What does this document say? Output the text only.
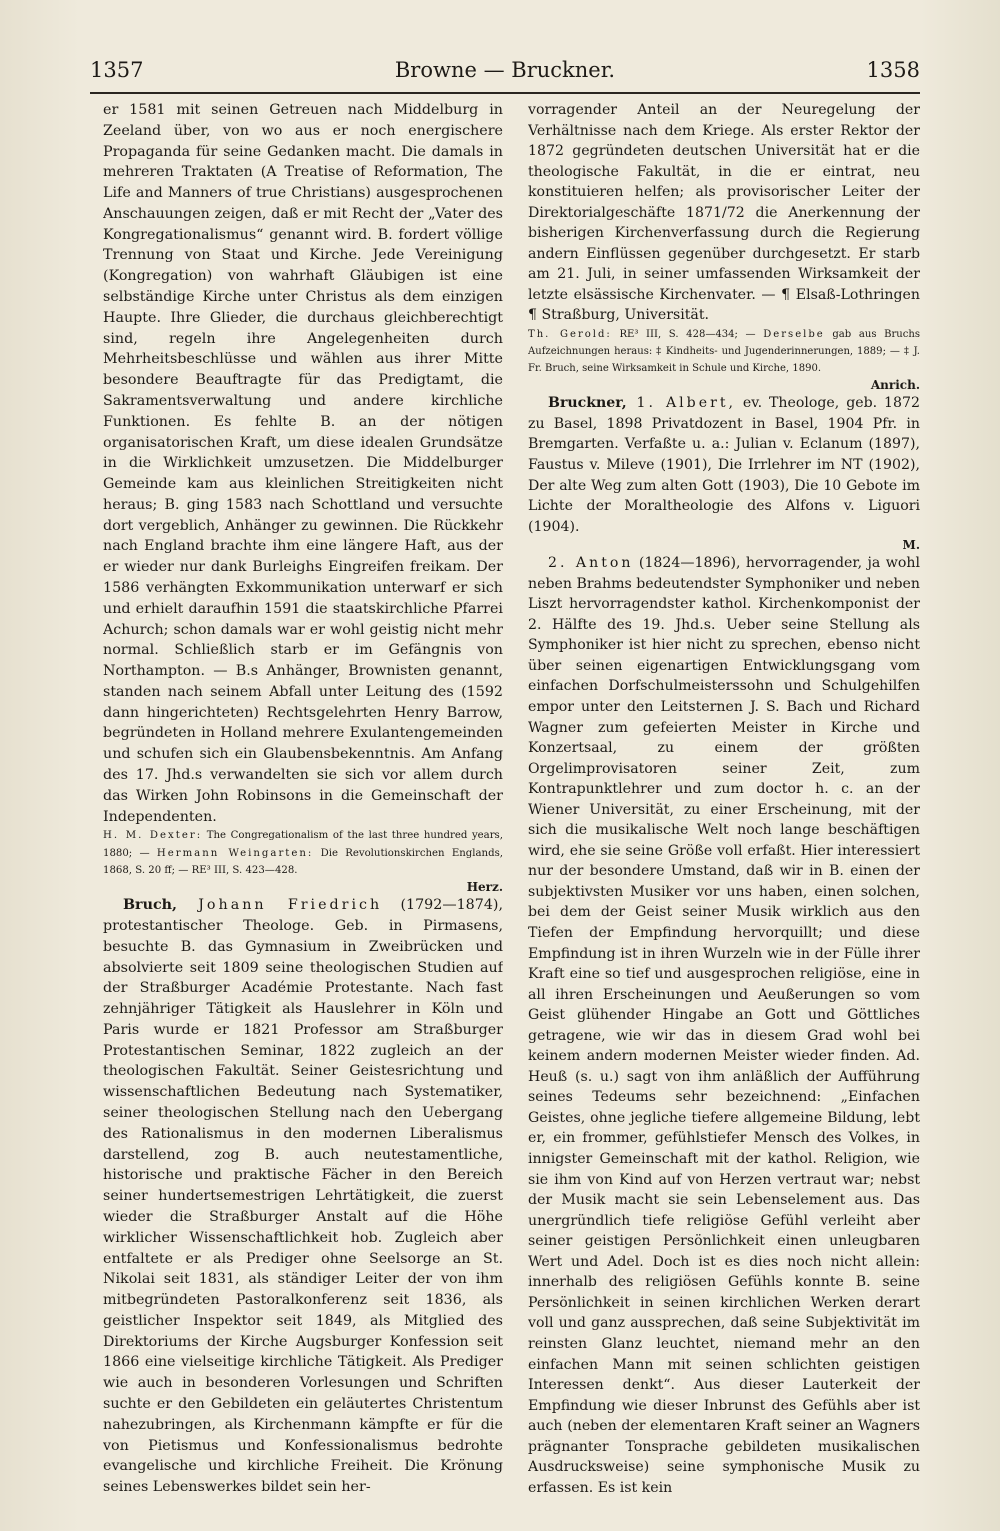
1357	Browne — Bruckner.	1358

er 1581 mit seinen Getreuen nach Middelburg in Zeeland über, von wo aus er noch energischere Propaganda für seine Gedanken macht. Die damals in mehreren Traktaten (A Treatise of Reformation, The Life and Manners of true Christians) ausgesprochenen Anschauungen zeigen, daß er mit Recht der „Vater des Kongregationalismus“ genannt wird. B. fordert völlige Trennung von Staat und Kirche. Jede Vereinigung (Kongregation) von wahrhaft Gläubigen ist eine selbständige Kirche unter Christus als dem einzigen Haupte. Ihre Glieder, die durchaus gleichberechtigt sind, regeln ihre Angelegenheiten durch Mehrheitsbeschlüsse und wählen aus ihrer Mitte besondere Beauftragte für das Predigtamt, die Sakramentsverwaltung und andere kirchliche Funktionen. Es fehlte B. an der nötigen organisatorischen Kraft, um diese idealen Grundsätze in die Wirklichkeit umzusetzen. Die Middelburger Gemeinde kam aus kleinlichen Streitigkeiten nicht heraus; B. ging 1583 nach Schottland und versuchte dort vergeblich, Anhänger zu gewinnen. Die Rückkehr nach England brachte ihm eine längere Haft, aus der er wieder nur dank Burleighs Eingreifen freikam. Der 1586 verhängten Exkommunikation unterwarf er sich und erhielt daraufhin 1591 die staatskirchliche Pfarrei Achurch; schon damals war er wohl geistig nicht mehr normal. Schließlich starb er im Gefängnis von Northampton. — B.s Anhänger, Brownisten genannt, standen nach seinem Abfall unter Leitung des (1592 dann hingerichteten) Rechtsgelehrten Henry Barrow, begründeten in Holland mehrere Exulantengemeinden und schufen sich ein Glaubensbekenntnis. Am Anfang des 17. Jhd.s verwandelten sie sich vor allem durch das Wirken John Robinsons in die Gemeinschaft der Independenten.

H. M. Dexter: The Congregationalism of the last three hundred years, 1880; — Hermann Weingarten: Die Revolutionskirchen Englands, 1868, S. 20 ff; — RE³ III, S. 423—428.

Herz.

Bruch, Johann Friedrich (1792—1874), protestantischer Theologe. Geb. in Pirmasens, besuchte B. das Gymnasium in Zweibrücken und absolvierte seit 1809 seine theologischen Studien auf der Straßburger Académie Protestante. Nach fast zehnjähriger Tätigkeit als Hauslehrer in Köln und Paris wurde er 1821 Professor am Straßburger Protestantischen Seminar, 1822 zugleich an der theologischen Fakultät. Seiner Geistesrichtung und wissenschaftlichen Bedeutung nach Systematiker, seiner theologischen Stellung nach den Uebergang des Rationalismus in den modernen Liberalismus darstellend, zog B. auch neutestamentliche, historische und praktische Fächer in den Bereich seiner hundertsemestrigen Lehrtätigkeit, die zuerst wieder die Straßburger Anstalt auf die Höhe wirklicher Wissenschaftlichkeit hob. Zugleich aber entfaltete er als Prediger ohne Seelsorge an St. Nikolai seit 1831, als ständiger Leiter der von ihm mitbegründeten Pastoralkonferenz seit 1836, als geistlicher Inspektor seit 1849, als Mitglied des Direktoriums der Kirche Augsburger Konfession seit 1866 eine vielseitige kirchliche Tätigkeit. Als Prediger wie auch in besonderen Vorlesungen und Schriften suchte er den Gebildeten ein geläutertes Christentum nahezubringen, als Kirchenmann kämpfte er für die von Pietismus und Konfessionalismus bedrohte evangelische und kirchliche Freiheit. Die Krönung seines Lebenswerkes bildet sein her-

vorragender Anteil an der Neuregelung der Verhältnisse nach dem Kriege. Als erster Rektor der 1872 gegründeten deutschen Universität hat er die theologische Fakultät, in die er eintrat, neu konstituieren helfen; als provisorischer Leiter der Direktorialgeschäfte 1871/72 die Anerkennung der bisherigen Kirchenverfassung durch die Regierung andern Einflüssen gegenüber durchgesetzt. Er starb am 21. Juli, in seiner umfassenden Wirksamkeit der letzte elsässische Kirchenvater. — ¶ Elsaß-Lothringen ¶ Straßburg, Universität.

Th. Gerold: RE³ III, S. 428—434; — Derselbe gab aus Bruchs Aufzeichnungen heraus: ‡ Kindheits- und Jugenderinnerungen, 1889; — ‡ J. Fr. Bruch, seine Wirksamkeit in Schule und Kirche, 1890.

Anrich.

Bruckner, 1. Albert, ev. Theologe, geb. 1872 zu Basel, 1898 Privatdozent in Basel, 1904 Pfr. in Bremgarten. Verfaßte u. a.: Julian v. Eclanum (1897), Faustus v. Mileve (1901), Die Irrlehrer im NT (1902), Der alte Weg zum alten Gott (1903), Die 10 Gebote im Lichte der Moraltheologie des Alfons v. Liguori (1904).

M.

2. Anton (1824—1896), hervorragender, ja wohl neben Brahms bedeutendster Symphoniker und neben Liszt hervorragendster kathol. Kirchenkomponist der 2. Hälfte des 19. Jhd.s. Ueber seine Stellung als Symphoniker ist hier nicht zu sprechen, ebenso nicht über seinen eigenartigen Entwicklungsgang vom einfachen Dorfschulmeisterssohn und Schulgehilfen empor unter den Leitsternen J. S. Bach und Richard Wagner zum gefeierten Meister in Kirche und Konzertsaal, zu einem der größten Orgelimprovisatoren seiner Zeit, zum Kontrapunktlehrer und zum doctor h. c. an der Wiener Universität, zu einer Erscheinung, mit der sich die musikalische Welt noch lange beschäftigen wird, ehe sie seine Größe voll erfaßt. Hier interessiert nur der besondere Umstand, daß wir in B. einen der subjektivsten Musiker vor uns haben, einen solchen, bei dem der Geist seiner Musik wirklich aus den Tiefen der Empfindung hervorquillt; und diese Empfindung ist in ihren Wurzeln wie in der Fülle ihrer Kraft eine so tief und ausgesprochen religiöse, eine in all ihren Erscheinungen und Aeußerungen so vom Geist glühender Hingabe an Gott und Göttliches getragene, wie wir das in diesem Grad wohl bei keinem andern modernen Meister wieder finden. Ad. Heuß (s. u.) sagt von ihm anläßlich der Aufführung seines Tedeums sehr bezeichnend: „Einfachen Geistes, ohne jegliche tiefere allgemeine Bildung, lebt er, ein frommer, gefühlstiefer Mensch des Volkes, in innigster Gemeinschaft mit der kathol. Religion, wie sie ihm von Kind auf von Herzen vertraut war; nebst der Musik macht sie sein Lebenselement aus. Das unergründlich tiefe religiöse Gefühl verleiht aber seiner geistigen Persönlichkeit einen unleugbaren Wert und Adel. Doch ist es dies noch nicht allein: innerhalb des religiösen Gefühls konnte B. seine Persönlichkeit in seinen kirchlichen Werken derart voll und ganz aussprechen, daß seine Subjektivität im reinsten Glanz leuchtet, niemand mehr an den einfachen Mann mit seinen schlichten geistigen Interessen denkt“. Aus dieser Lauterkeit der Empfindung wie dieser Inbrunst des Gefühls aber ist auch (neben der elementaren Kraft seiner an Wagners prägnanter Tonsprache gebildeten musikalischen Ausdrucksweise) seine symphonische Musik zu erfassen. Es ist kein
